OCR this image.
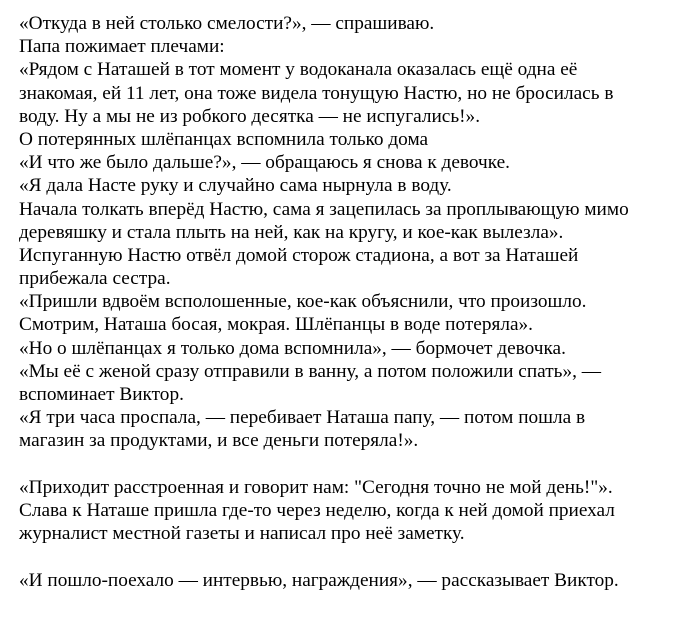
«Откуда в ней столько смелости?», — спрашиваю.
Папа пожимает плечами:
«Рядом с Наташей в тот момент у водоканала оказалась ещё одна её
знакомая, ей 11 лет, она тоже видела тонущую Настю, но не бросилась в
воду. Ну а мы не из робкого десятка — не испугались!».
О потерянных шлёпанцах вспомнила только дома
«И что же было дальше?», — обращаюсь я снова к девочке.
«Я дала Насте руку и случайно сама нырнула в воду.
Начала толкать вперёд Настю, сама я зацепилась за проплывающую мимо
деревяшку и стала плыть на ней, как на кругу, и кое-как вылезла».
Испуганную Настю отвёл домой сторож стадиона, а вот за Наташей
прибежала сестра.
«Пришли вдвоём всполошенные, кое-как объяснили, что произошло.
Смотрим, Наташа босая, мокрая. Шлёпанцы в воде потеряла».
«Но о шлёпанцах я только дома вспомнила», — бормочет девочка.
«Мы её с женой сразу отправили в ванну, а потом положили спать», —
вспоминает Виктор.
«Я три часа проспала, — перебивает Наташа папу, — потом пошла в
магазин за продуктами, и все деньги потеряла!».
«Приходит расстроенная и говорит нам: "Сегодня точно не мой день!"».
Слава к Наташе пришла где-то через неделю, когда к ней домой приехал
журналист местной газеты и написал про неё заметку.
«И пошло-поехало — интервью, награждения», — рассказывает Виктор.
